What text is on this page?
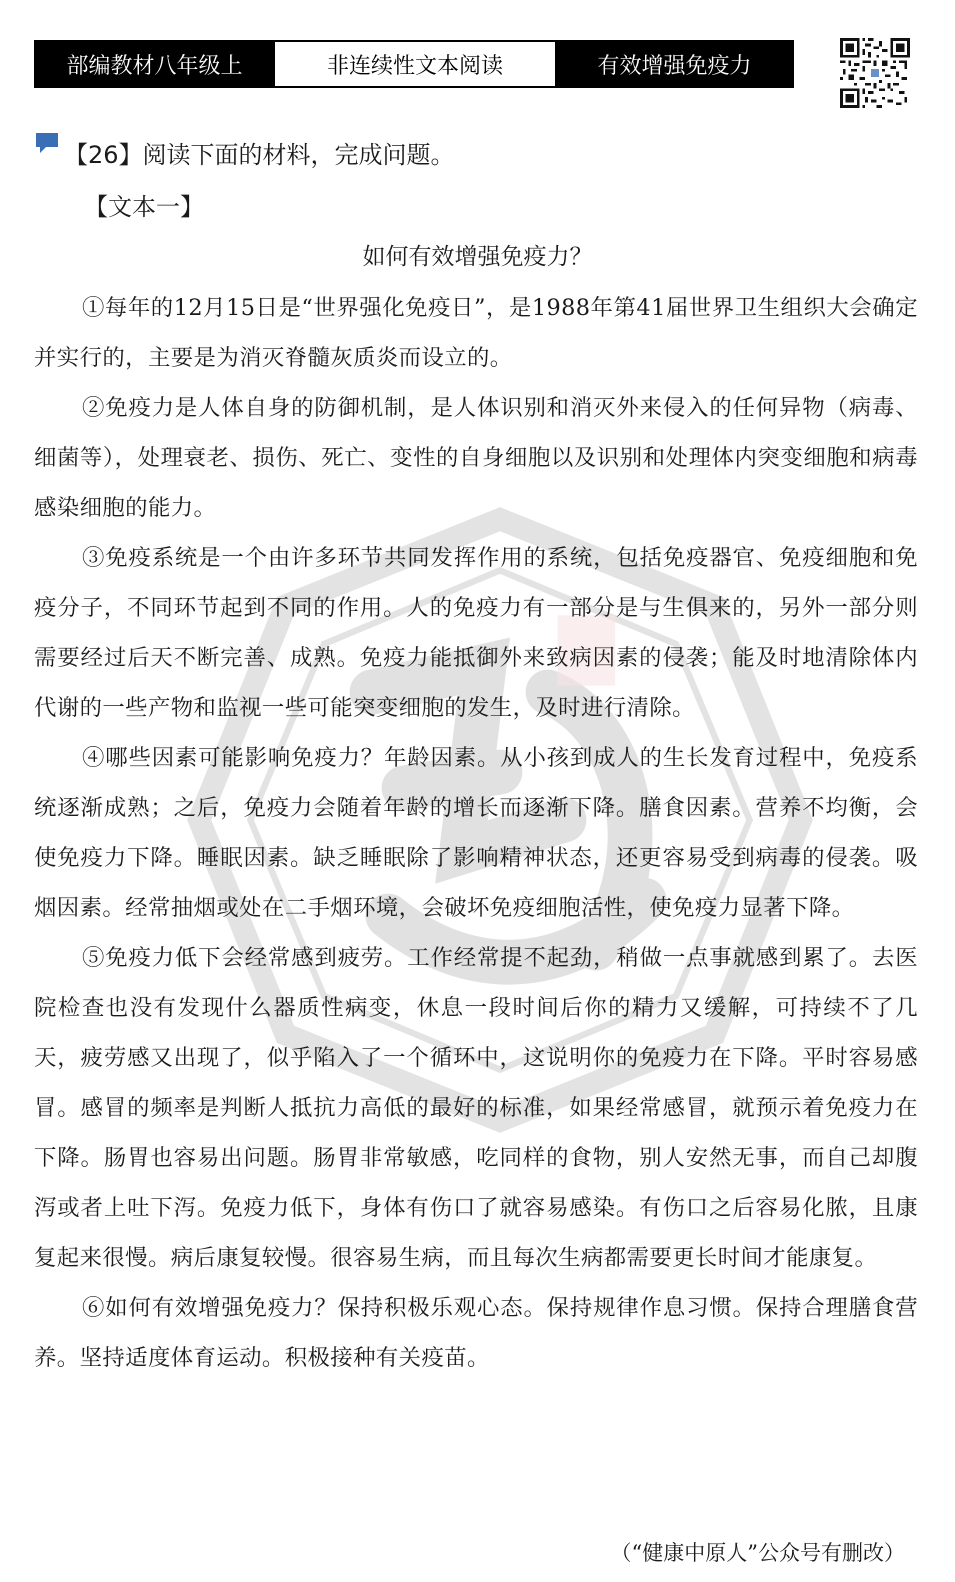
部编教材八年级上	非连续性文本阅读	有效增强免疫力
【26】阅读下面的材料，完成问题。
【文本一】
如何有效增强免疫力？

①每年的12月15日是“世界强化免疫日”，是1988年第41届世界卫生组织大会确定并实行的，主要是为消灭脊髓灰质炎而设立的。

②免疫力是人体自身的防御机制，是人体识别和消灭外来侵入的任何异物（病毒、细菌等），处理衰老、损伤、死亡、变性的自身细胞以及识别和处理体内突变细胞和病毒感染细胞的能力。

③免疫系统是一个由许多环节共同发挥作用的系统，包括免疫器官、免疫细胞和免疫分子，不同环节起到不同的作用。人的免疫力有一部分是与生俱来的，另外一部分则需要经过后天不断完善、成熟。免疫力能抵御外来致病因素的侵袭；能及时地清除体内代谢的一些产物和监视一些可能突变细胞的发生，及时进行清除。

④哪些因素可能影响免疫力？年龄因素。从小孩到成人的生长发育过程中，免疫系统逐渐成熟；之后，免疫力会随着年龄的增长而逐渐下降。膳食因素。营养不均衡，会使免疫力下降。睡眠因素。缺乏睡眠除了影响精神状态，还更容易受到病毒的侵袭。吸烟因素。经常抽烟或处在二手烟环境，会破坏免疫细胞活性，使免疫力显著下降。

⑤免疫力低下会经常感到疲劳。工作经常提不起劲，稍做一点事就感到累了。去医院检查也没有发现什么器质性病变，休息一段时间后你的精力又缓解，可持续不了几天，疲劳感又出现了，似乎陷入了一个循环中，这说明你的免疫力在下降。平时容易感冒。感冒的频率是判断人抵抗力高低的最好的标准，如果经常感冒，就预示着免疫力在下降。肠胃也容易出问题。肠胃非常敏感，吃同样的食物，别人安然无事，而自己却腹泻或者上吐下泻。免疫力低下，身体有伤口了就容易感染。有伤口之后容易化脓，且康复起来很慢。病后康复较慢。很容易生病，而且每次生病都需要更长时间才能康复。

⑥如何有效增强免疫力？保持积极乐观心态。保持规律作息习惯。保持合理膳食营养。坚持适度体育运动。积极接种有关疫苗。

（“健康中原人”公众号有删改）
